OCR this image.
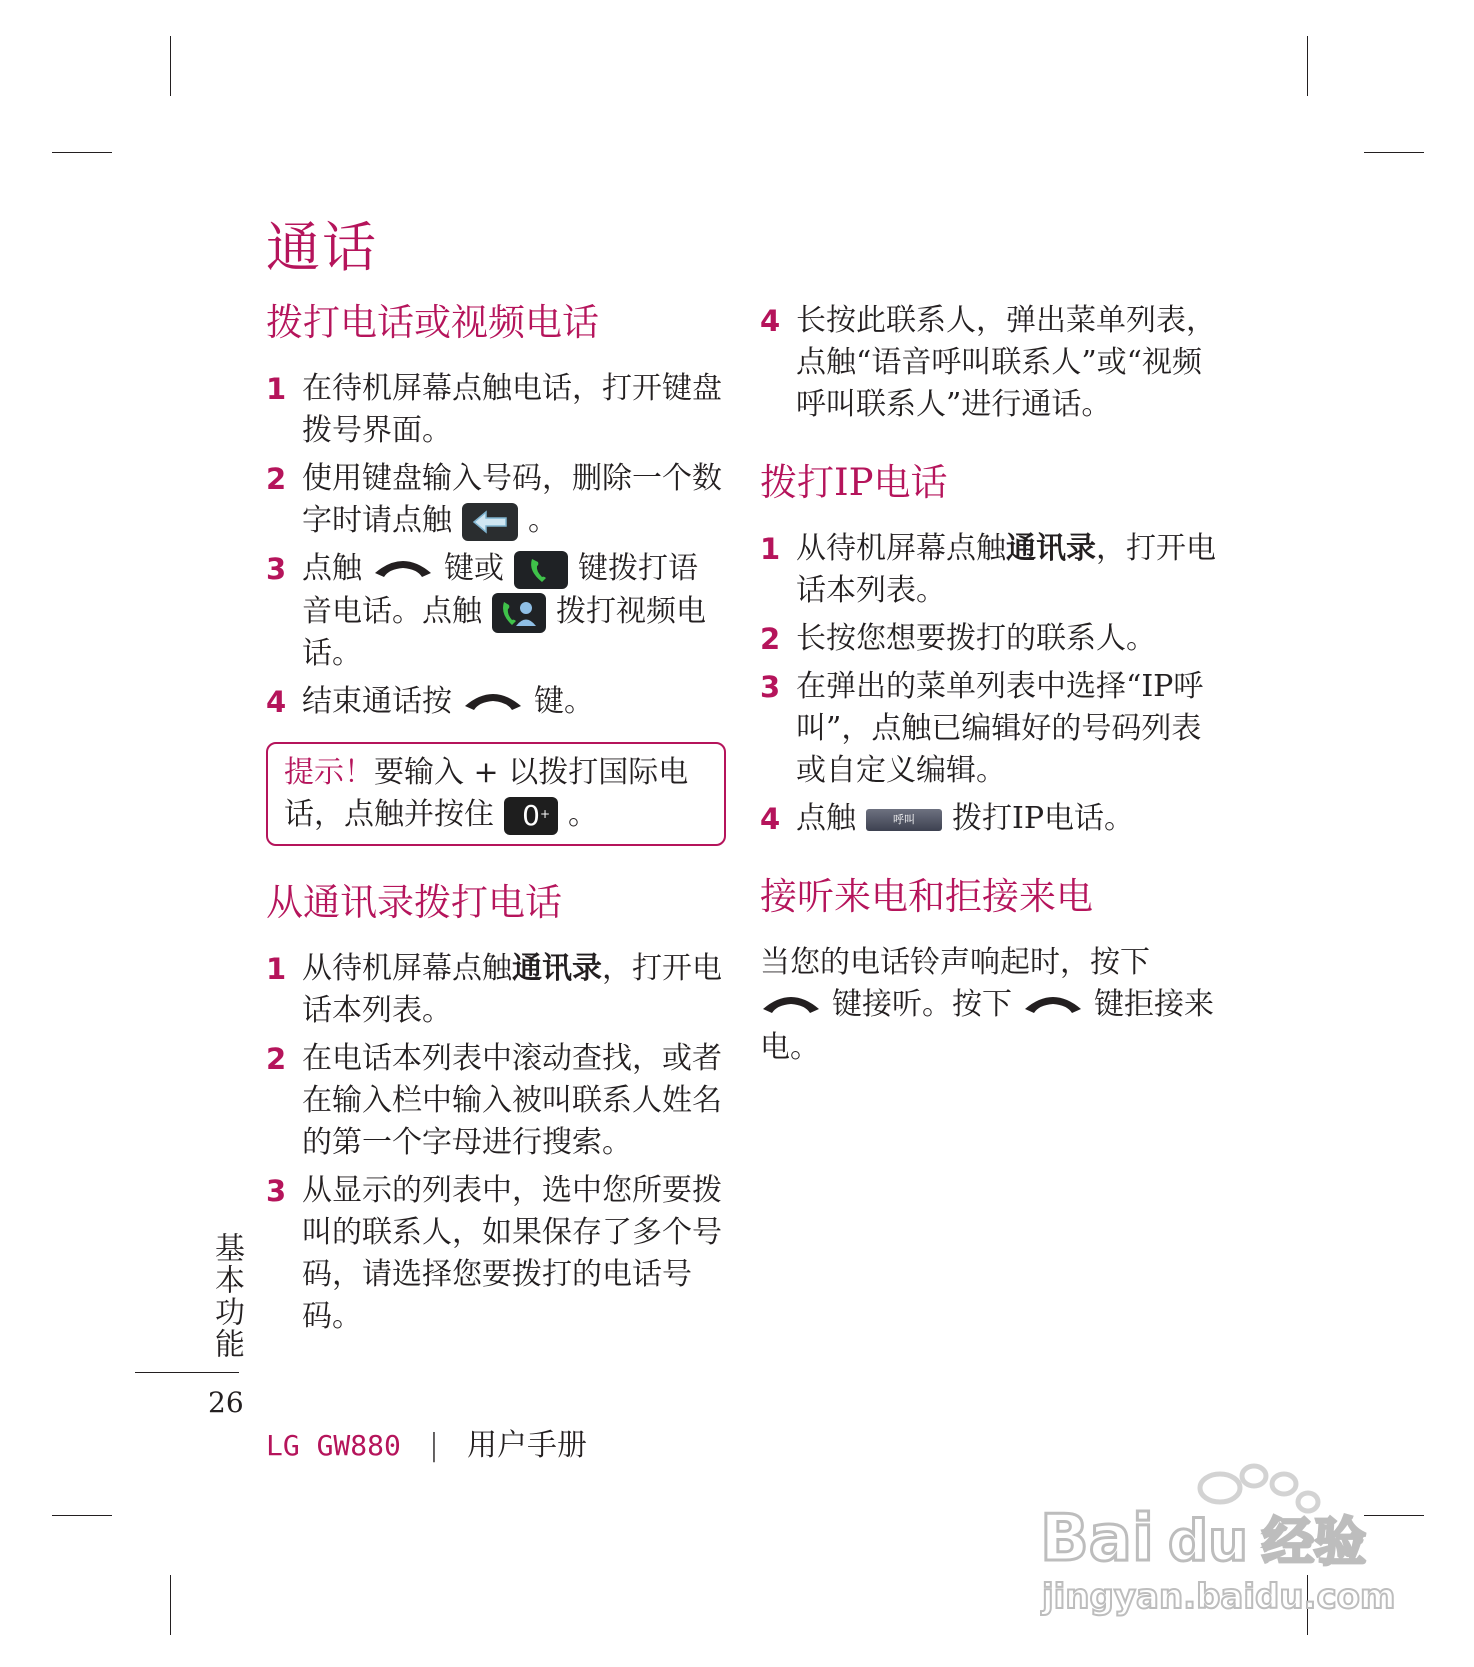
通话
拨打电话或视频电话
1 在待机屏幕点触电话，打开键盘拨号界面。
2 使用键盘输入号码，删除一个数字时请点触	。
3 点触	键或 键拨打语音电话。点触 拨打视频电话。
4 结束通话按	键。
提示！要输入 + 以拨打国际电话，点触并按住 0 + 。
从通讯录拨打电话
1 从待机屏幕点触通讯录，打开电话本列表。
2 在电话本列表中滚动查找，或者在输入栏中输入被叫联系人姓名的第一个字母进行搜索。
3 从显示的列表中，选中您所要拨叫的联系人，如果保存了多个号码，请选择您要拨打的电话号码。
4 长按此联系人，弹出菜单列表，点触“语音呼叫联系人”或“视频呼叫联系人”进行通话。
拨打IP电话
1 从待机屏幕点触通讯录，打开电话本列表。
2 长按您想要拨打的联系人。
3 在弹出的菜单列表中选择“IP呼叫”，点触已编辑好的号码列表或自定义编辑。
4 点触	呼叫 拨打IP电话。
接听来电和拒接来电

当您的电话铃声响起时，按下
键接听。按下	键拒接来电。

基本功能
26
LG GW880 | 用户手册
Bai du 经验
jingyan.baidu.com
